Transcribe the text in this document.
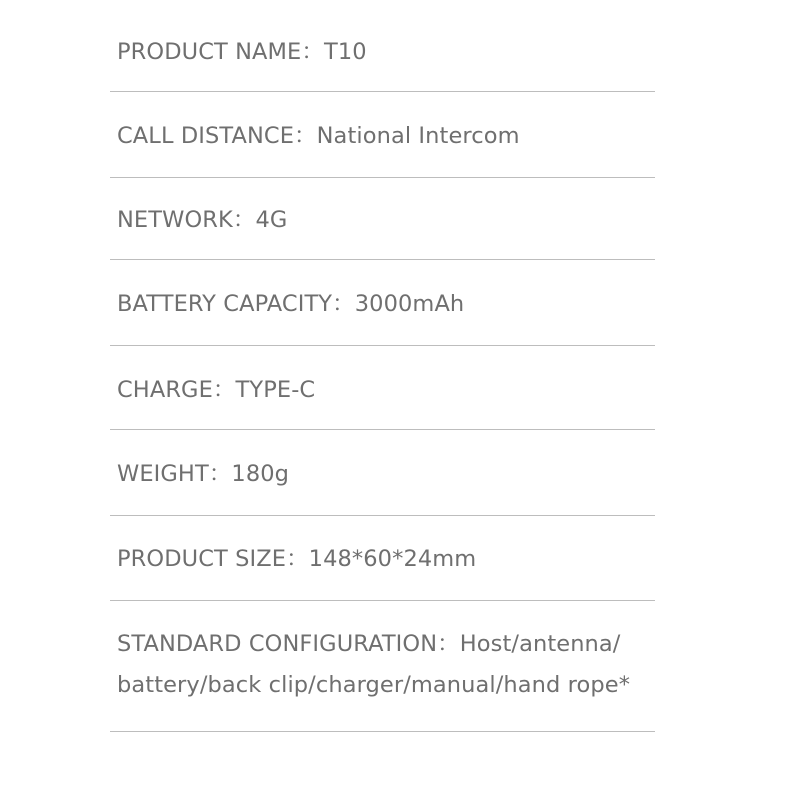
PRODUCT NAME：T10

CALL DISTANCE：National Intercom

NETWORK：4G

BATTERY CAPACITY：3000mAh

CHARGE：TYPE-C

WEIGHT：180g

PRODUCT SIZE：148*60*24mm

STANDARD CONFIGURATION：Host/antenna/
battery/back clip/charger/manual/hand rope*
